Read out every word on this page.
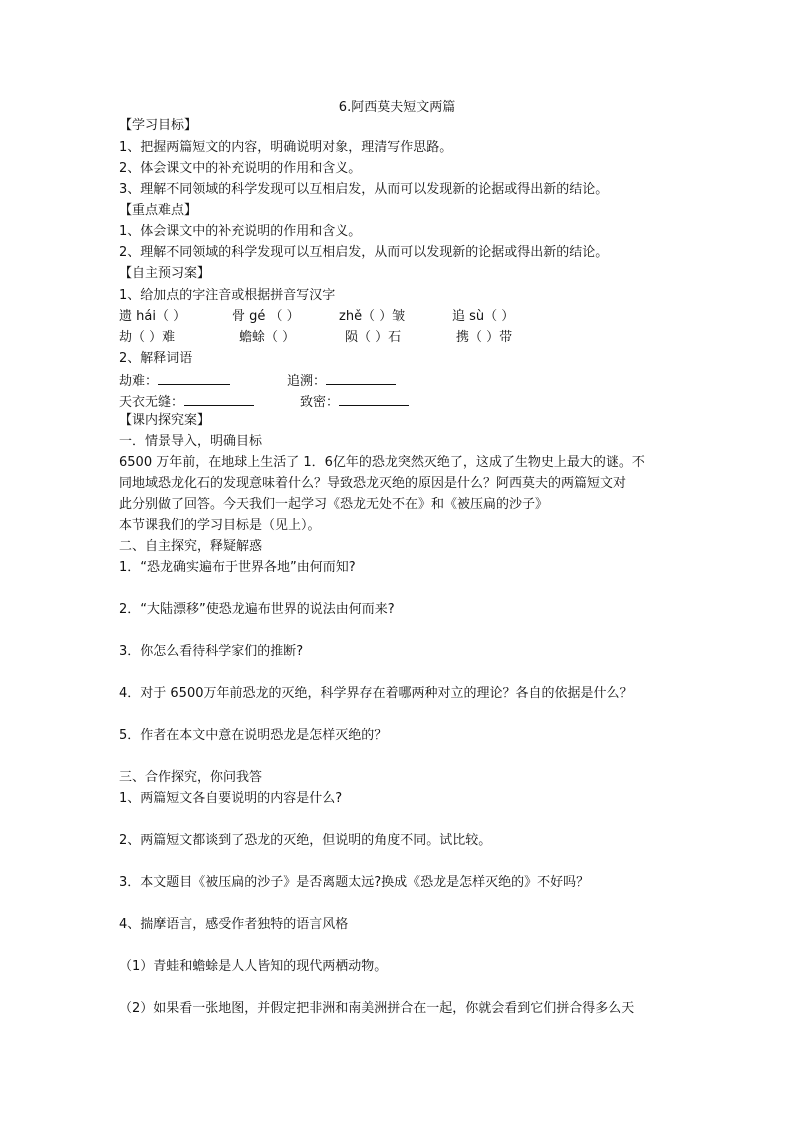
6.阿西莫夫短文两篇
【学习目标】
1、把握两篇短文的内容，明确说明对象，理清写作思路。
2、体会课文中的补充说明的作用和含义。
3、理解不同领域的科学发现可以互相启发，从而可以发现新的论据或得出新的结论。
【重点难点】
1、体会课文中的补充说明的作用和含义。
2、理解不同领域的科学发现可以互相启发，从而可以发现新的论据或得出新的结论。
【自主预习案】
1、给加点的字注音或根据拼音写汉字
遗 hái（ ）	骨 gé （ ）	zhě（ ）皱	追 sù（ ）
劫（ ）难	蟾蜍（ ）	陨（ ）石	携（ ）带
2、解释词语
劫难：	追溯：
天衣无缝：	致密：
【课内探究案】
一．情景导入，明确目标
6500 万年前，在地球上生活了 1．6亿年的恐龙突然灭绝了，这成了生物史上最大的谜。不
同地域恐龙化石的发现意味着什么？导致恐龙灭绝的原因是什么？阿西莫夫的两篇短文对
此分别做了回答。今天我们一起学习《恐龙无处不在》和《被压扁的沙子》
本节课我们的学习目标是（见上）。
二、自主探究，释疑解惑
1．“恐龙确实遍布于世界各地”由何而知?
2．“大陆漂移”使恐龙遍布世界的说法由何而来?
3．你怎么看待科学家们的推断?
4．对于 6500万年前恐龙的灭绝，科学界存在着哪两种对立的理论？各自的依据是什么？
5．作者在本文中意在说明恐龙是怎样灭绝的？
三、合作探究，你问我答
1、两篇短文各自要说明的内容是什么?
2、两篇短文都谈到了恐龙的灭绝，但说明的角度不同。试比较。
3．本文题目《被压扁的沙子》是否离题太远?换成《恐龙是怎样灭绝的》不好吗？
4、揣摩语言，感受作者独特的语言风格
（1）青蛙和蟾蜍是人人皆知的现代两栖动物。
（2）如果看一张地图，并假定把非洲和南美洲拼合在一起，你就会看到它们拼合得多么天
